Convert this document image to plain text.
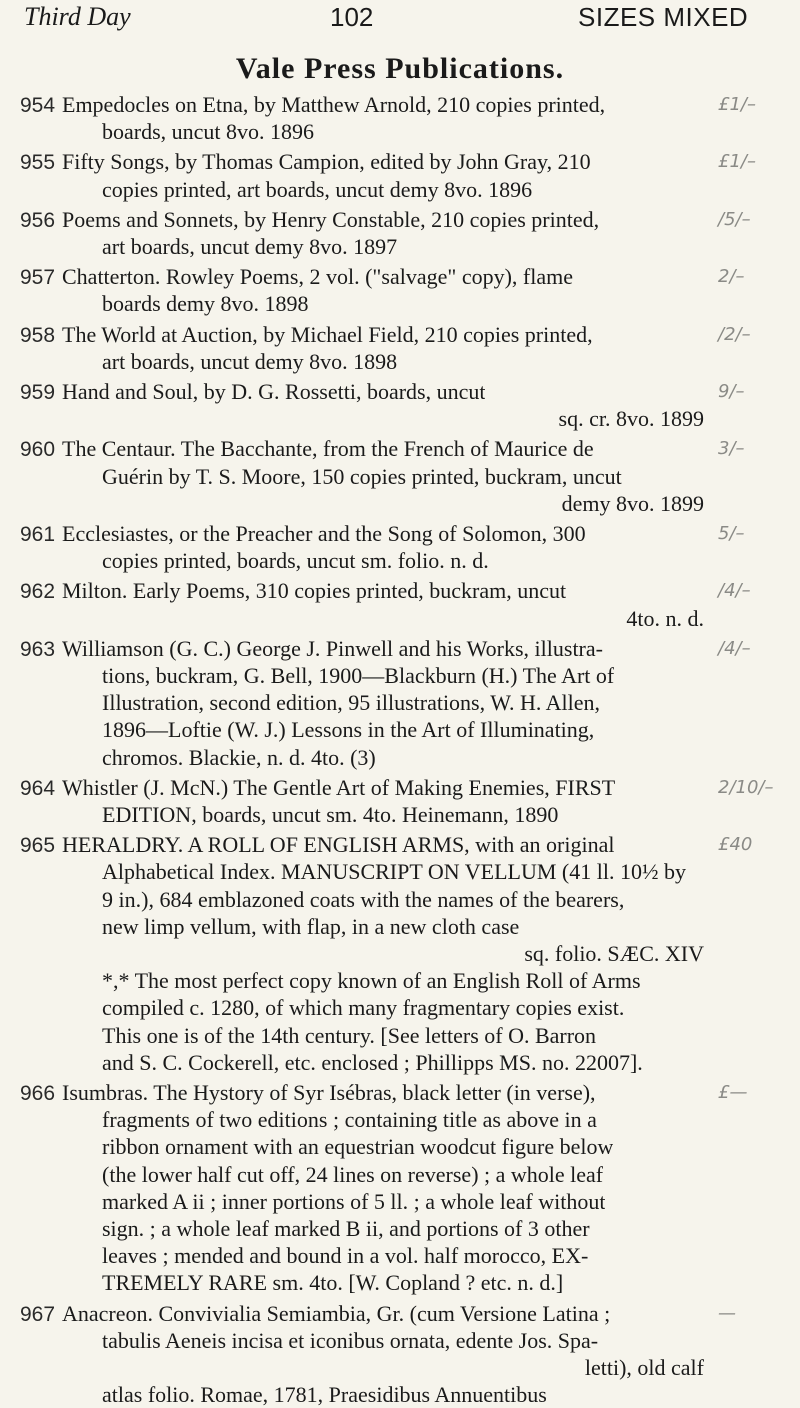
Third Day	102	SIZES MIXED
Vale Press Publications.
954 Empedocles on Etna, by Matthew Arnold, 210 copies printed,
boards, uncut 8vo. 1896
£1/–
955 Fifty Songs, by Thomas Campion, edited by John Gray, 210
copies printed, art boards, uncut demy 8vo. 1896
£1/–
956 Poems and Sonnets, by Henry Constable, 210 copies printed,
art boards, uncut demy 8vo. 1897
/5/–
957 Chatterton. Rowley Poems, 2 vol. ("salvage" copy), flame
boards demy 8vo. 1898
2/–
958 The World at Auction, by Michael Field, 210 copies printed,
art boards, uncut demy 8vo. 1898
/2/–
959 Hand and Soul, by D. G. Rossetti, boards, uncut
sq. cr. 8vo. 1899
9/–
960 The Centaur. The Bacchante, from the French of Maurice de
Guérin by T. S. Moore, 150 copies printed, buckram, uncut
demy 8vo. 1899
3/–
961 Ecclesiastes, or the Preacher and the Song of Solomon, 300
copies printed, boards, uncut sm. folio. n. d.
5/–
962 Milton. Early Poems, 310 copies printed, buckram, uncut
4to. n. d.
/4/–
963 Williamson (G. C.) George J. Pinwell and his Works, illustra-
tions, buckram, G. Bell, 1900—Blackburn (H.) The Art of
Illustration, second edition, 95 illustrations, W. H. Allen,
1896—Loftie (W. J.) Lessons in the Art of Illuminating,
chromos. Blackie, n. d. 4to. (3)
/4/–
964 Whistler (J. McN.) The Gentle Art of Making Enemies, FIRST
EDITION, boards, uncut sm. 4to. Heinemann, 1890
2/10/–
965 HERALDRY. A ROLL OF ENGLISH ARMS, with an original
Alphabetical Index. MANUSCRIPT ON VELLUM (41 ll. 10½ by
9 in.), 684 emblazoned coats with the names of the bearers,
new limp vellum, with flap, in a new cloth case
sq. folio. SÆC. XIV
*,* The most perfect copy known of an English Roll of Arms
compiled c. 1280, of which many fragmentary copies exist.
This one is of the 14th century. [See letters of O. Barron
and S. C. Cockerell, etc. enclosed ; Phillipps MS. no. 22007].
£40
966 Isumbras. The Hystory of Syr Isébras, black letter (in verse),
fragments of two editions ; containing title as above in a
ribbon ornament with an equestrian woodcut figure below
(the lower half cut off, 24 lines on reverse) ; a whole leaf
marked A ii ; inner portions of 5 ll. ; a whole leaf without
sign. ; a whole leaf marked B ii, and portions of 3 other
leaves ; mended and bound in a vol. half morocco, EX-
TREMELY RARE sm. 4to. [W. Copland ? etc. n. d.]
£—
967 Anacreon. Convivialia Semiambia, Gr. (cum Versione Latina ;
tabulis Aeneis incisa et iconibus ornata, edente Jos. Spa-
letti), old calf
atlas folio. Romae, 1781, Praesidibus Annuentibus
—
